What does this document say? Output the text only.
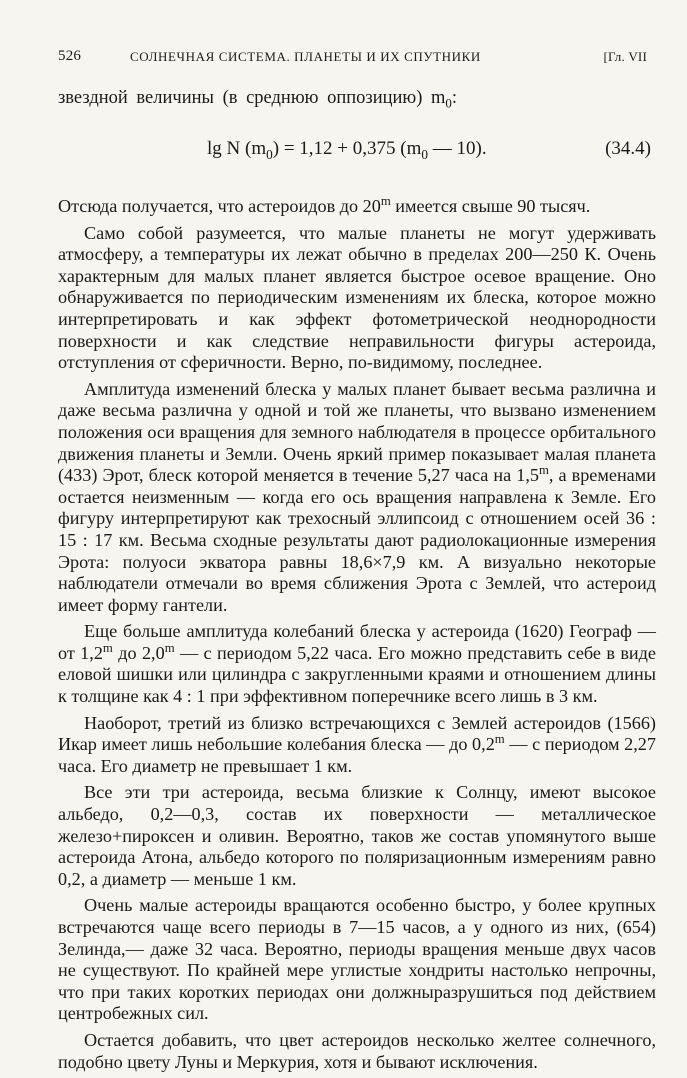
526	СОЛНЕЧНАЯ СИСТЕМА. ПЛАНЕТЫ И ИХ СПУТНИКИ	[Гл. VII
звездной величины (в среднюю оппозицию) $m_0$:
lg N $(m_0) = 1,12 + 0,375$ ($m_0$ — 10).	(34.4)

Отсюда получается, что астероидов до 20$^m$ имеется свыше 90 тысяч.

Само собой разумеется, что малые планеты не могут удерживать атмосферу, а температуры их лежат обычно в пределах 200—250 К. Очень характерным для малых планет является быстрое осевое вращение. Оно обнаруживается по периодическим изменениям их блеска, которое можно интерпретировать и как эффект фотометрической неоднородности поверхности и как следствие неправильности фигуры астероида, отступления от сферичности. Верно, по-видимому, последнее.

Амплитуда изменений блеска у малых планет бывает весьма различна и даже весьма различна у одной и той же планеты, что вызвано изменением положения оси вращения для земного наблюдателя в процессе орбитального движения планеты и Земли. Очень яркий пример показывает малая планета (433) Эрот, блеск которой меняется в течение 5,27 часа на 1,5$^m$, а временами остается неизменным — когда его ось вращения направлена к Земле. Его фигуру интерпретируют как трехосный эллипсоид с отношением осей 36 : 15 : 17 км. Весьма сходные результаты дают радиолокационные измерения Эрота: полуоси экватора равны 18,6×7,9 км. А визуально некоторые наблюдатели отмечали во время сближения Эрота с Землей, что астероид имеет форму гантели.

Еще больше амплитуда колебаний блеска у астероида (1620) Географ — от 1,2$^m$ до 2,0$^m$ — с периодом 5,22 часа. Его можно представить себе в виде еловой шишки или цилиндра с закругленными краями и отношением длины к толщине как 4 : 1 при эффективном поперечнике всего лишь в 3 км.

Наоборот, третий из близко встречающихся с Землей астероидов (1566) Икар имеет лишь небольшие колебания блеска — до 0,2$^m$ — с периодом 2,27 часа. Его диаметр не превышает 1 км.

Все эти три астероида, весьма близкие к Солнцу, имеют высокое альбедо, 0,2—0,3, состав их поверхности — металлическое железо+пироксен и оливин. Вероятно, таков же состав упомянутого выше астероида Атона, альбедо которого по поляризационным измерениям равно 0,2, а диаметр — меньше 1 км.

Очень малые астероиды вращаются особенно быстро, у более крупных встречаются чаще всего периоды в 7—15 часов, а у одного из них, (654) Зелинда,— даже 32 часа. Вероятно, периоды вращения меньше двух часов не существуют. По крайней мере углистые хондриты настолько непрочны, что при таких коротких периодах они должныразрушиться под действием центробежных сил.

Остается добавить, что цвет астероидов несколько желтее солнечного, подобно цвету Луны и Меркурия, хотя и бывают исключения.
